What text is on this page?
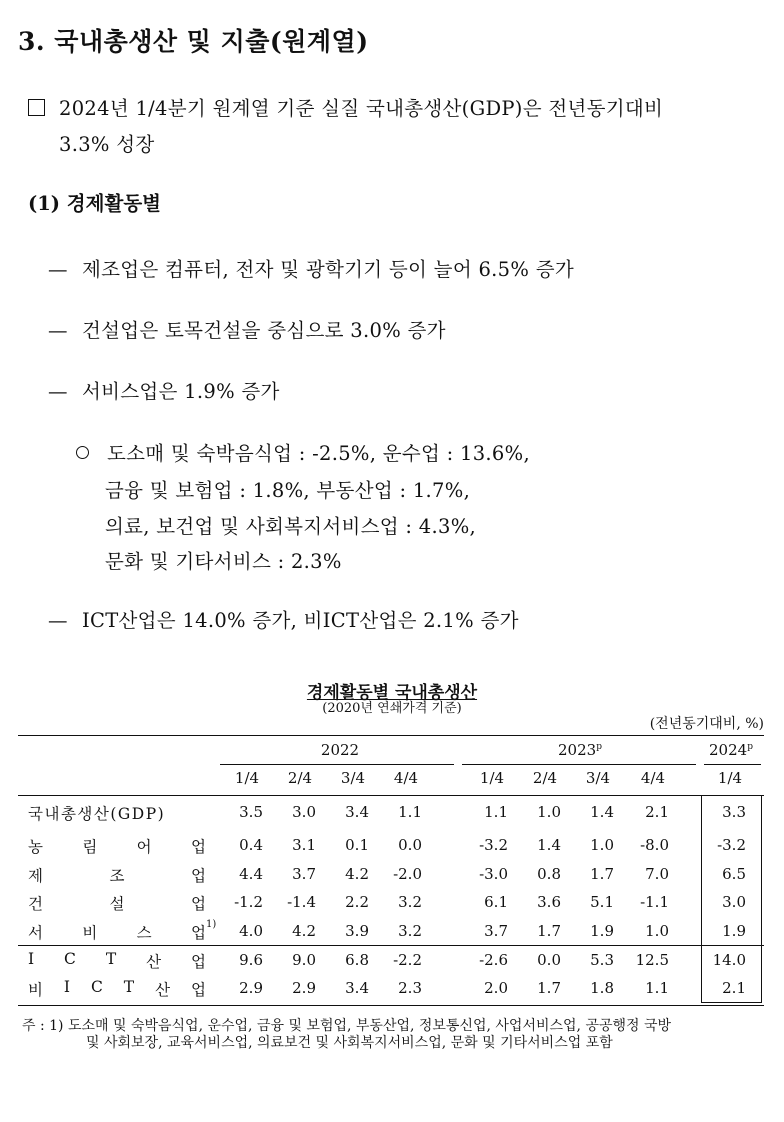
3. 국내총생산 및 지출(원계열)
2024년 1/4분기 원계열 기준 실질 국내총생산(GDP)은 전년동기대비
3.3% 성장
(1) 경제활동별
— 제조업은 컴퓨터, 전자 및 광학기기 등이 늘어 6.5% 증가
— 건설업은 토목건설을 중심으로 3.0% 증가
— 서비스업은 1.9% 증가
도소매 및 숙박음식업 : -2.5%, 운수업 : 13.6%,
금융 및 보험업 : 1.8%, 부동산업 : 1.7%,
의료, 보건업 및 사회복지서비스업 : 4.3%,
문화 및 기타서비스 : 2.3%
— ICT산업은 14.0% 증가, 비ICT산업은 2.1% 증가
경제활동별 국내총생산
(2020년 연쇄가격 기준)
(전년동기대비, %)
2022	2023$^p$	2024$^p$
1/4	2/4	3/4	4/4	1/4	2/4	3/4	4/4	1/4
국내총생산(GDP)	3.5	3.0	3.4	1.1	1.1	1.0	1.4	2.1	3.3
농	림	어	업	0.4	3.1	0.1	0.0	-3.2	1.4	1.0	-8.0	-3.2
제	조	업	4.4	3.7	4.2	-2.0	-3.0	0.8	1.7	7.0	6.5
건	설	업	-1.2	-1.4	2.2	3.2	6.1	3.6	5.1	-1.1	3.0
서	비	스	업 1)	4.0	4.2	3.9	3.2	3.7	1.7	1.9	1.0	1.9
I C T 산 업	9.6	9.0	6.8	-2.2	-2.6	0.0	5.3	12.5	14.0
비 I C T 산 업	2.9	2.9	3.4	2.3	2.0	1.7	1.8	1.1	2.1
주 : 1) 도소매 및 숙박음식업, 운수업, 금융 및 보험업, 부동산업, 정보통신업, 사업서비스업, 공공행정 국방
및 사회보장, 교육서비스업, 의료보건 및 사회복지서비스업, 문화 및 기타서비스업 포함
